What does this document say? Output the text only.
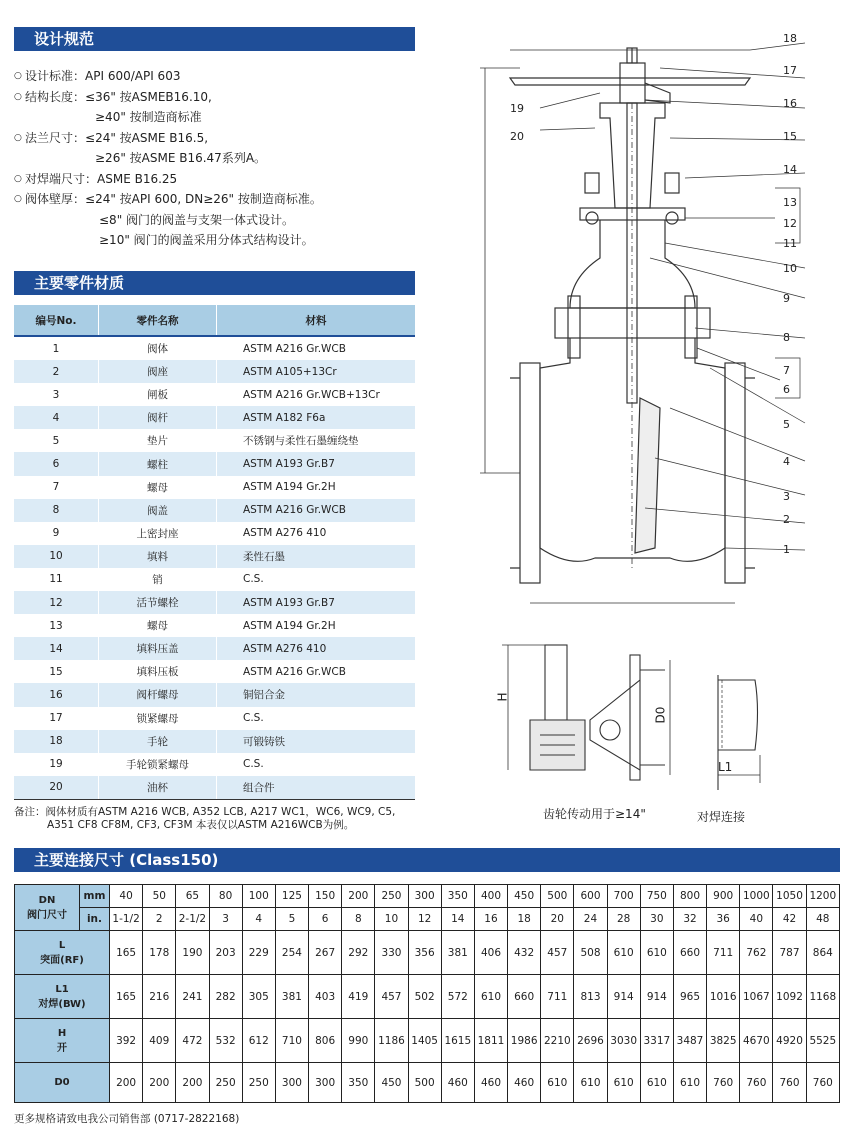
设计规范
○ 设计标准： API 600/API 603
○ 结构长度： ≤36" 按ASMEB16.10,
≥40" 按制造商标准
○ 法兰尺寸： ≤24" 按ASME B16.5,
≥26" 按ASME B16.47系列A。
○ 对焊端尺寸： ASME B16.25
○ 阀体壁厚： ≤24" 按API 600, DN≥26" 按制造商标准。
≤8" 阀门的阀盖与支架一体式设计。
≥10" 阀门的阀盖采用分体式结构设计。
主要零件材质
编号No.	零件名称	材料
1	阀体	ASTM A216 Gr.WCB
2	阀座	ASTM A105+13Cr
3	闸板	ASTM A216 Gr.WCB+13Cr
4	阀杆	ASTM A182 F6a
5	垫片	不锈钢与柔性石墨缠绕垫
6	螺柱	ASTM A193 Gr.B7
7	螺母	ASTM A194 Gr.2H
8	阀盖	ASTM A216 Gr.WCB
9	上密封座	ASTM A276 410
10	填料	柔性石墨
11	销	C.S.
12	活节螺栓	ASTM A193 Gr.B7
13	螺母	ASTM A194 Gr.2H
14	填料压盖	ASTM A276 410
15	填料压板	ASTM A216 Gr.WCB
16	阀杆螺母	铜铝合金
17	锁紧螺母	C.S.
18	手轮	可锻铸铁
19	手轮锁紧螺母	C.S.
20	油杯	组合件
备注：阀体材质有ASTM A216 WCB, A352 LCB, A217 WC1，WC6, WC9, C5,
A351 CF8 CF8M, CF3, CF3M 本表仅以ASTM A216WCB为例。
18
17
16
15
14
13
12
11
10
9
8
7
6
5
4
3
2
1
19
20
H
D0
齿轮传动用于≥14"
L1
对焊连接
主要连接尺寸 (Class150)
DN
阀门尺寸	mm	40	50	65	80	100	125	150	200	250	300	350	400	450	500	600	700	750	800	900	1000	1050	1200
	in.	1-1/2	2	2-1/2	3	4	5	6	8	10	12	14	16	18	20	24	28	30	32	36	40	42	48

L
突面(RF)		165	178	190	203	229	254	267	292	330	356	381	406	432	457	508	610	610	660	711	762	787	864

L1
对焊(BW)		165	216	241	282	305	381	403	419	457	502	572	610	660	711	813	914	914	965	1016	1067	1092	1168

H
开		392	409	472	532	612	710	806	990	1186	1405	1615	1811	1986	2210	2696	3030	3317	3487	3825	4670	4920	5525

D0		200	200	200	250	250	300	300	350	450	500	460	460	460	610	610	610	610	610	760	760	760	760
更多规格请致电我公司销售部 (0717-2822168)
